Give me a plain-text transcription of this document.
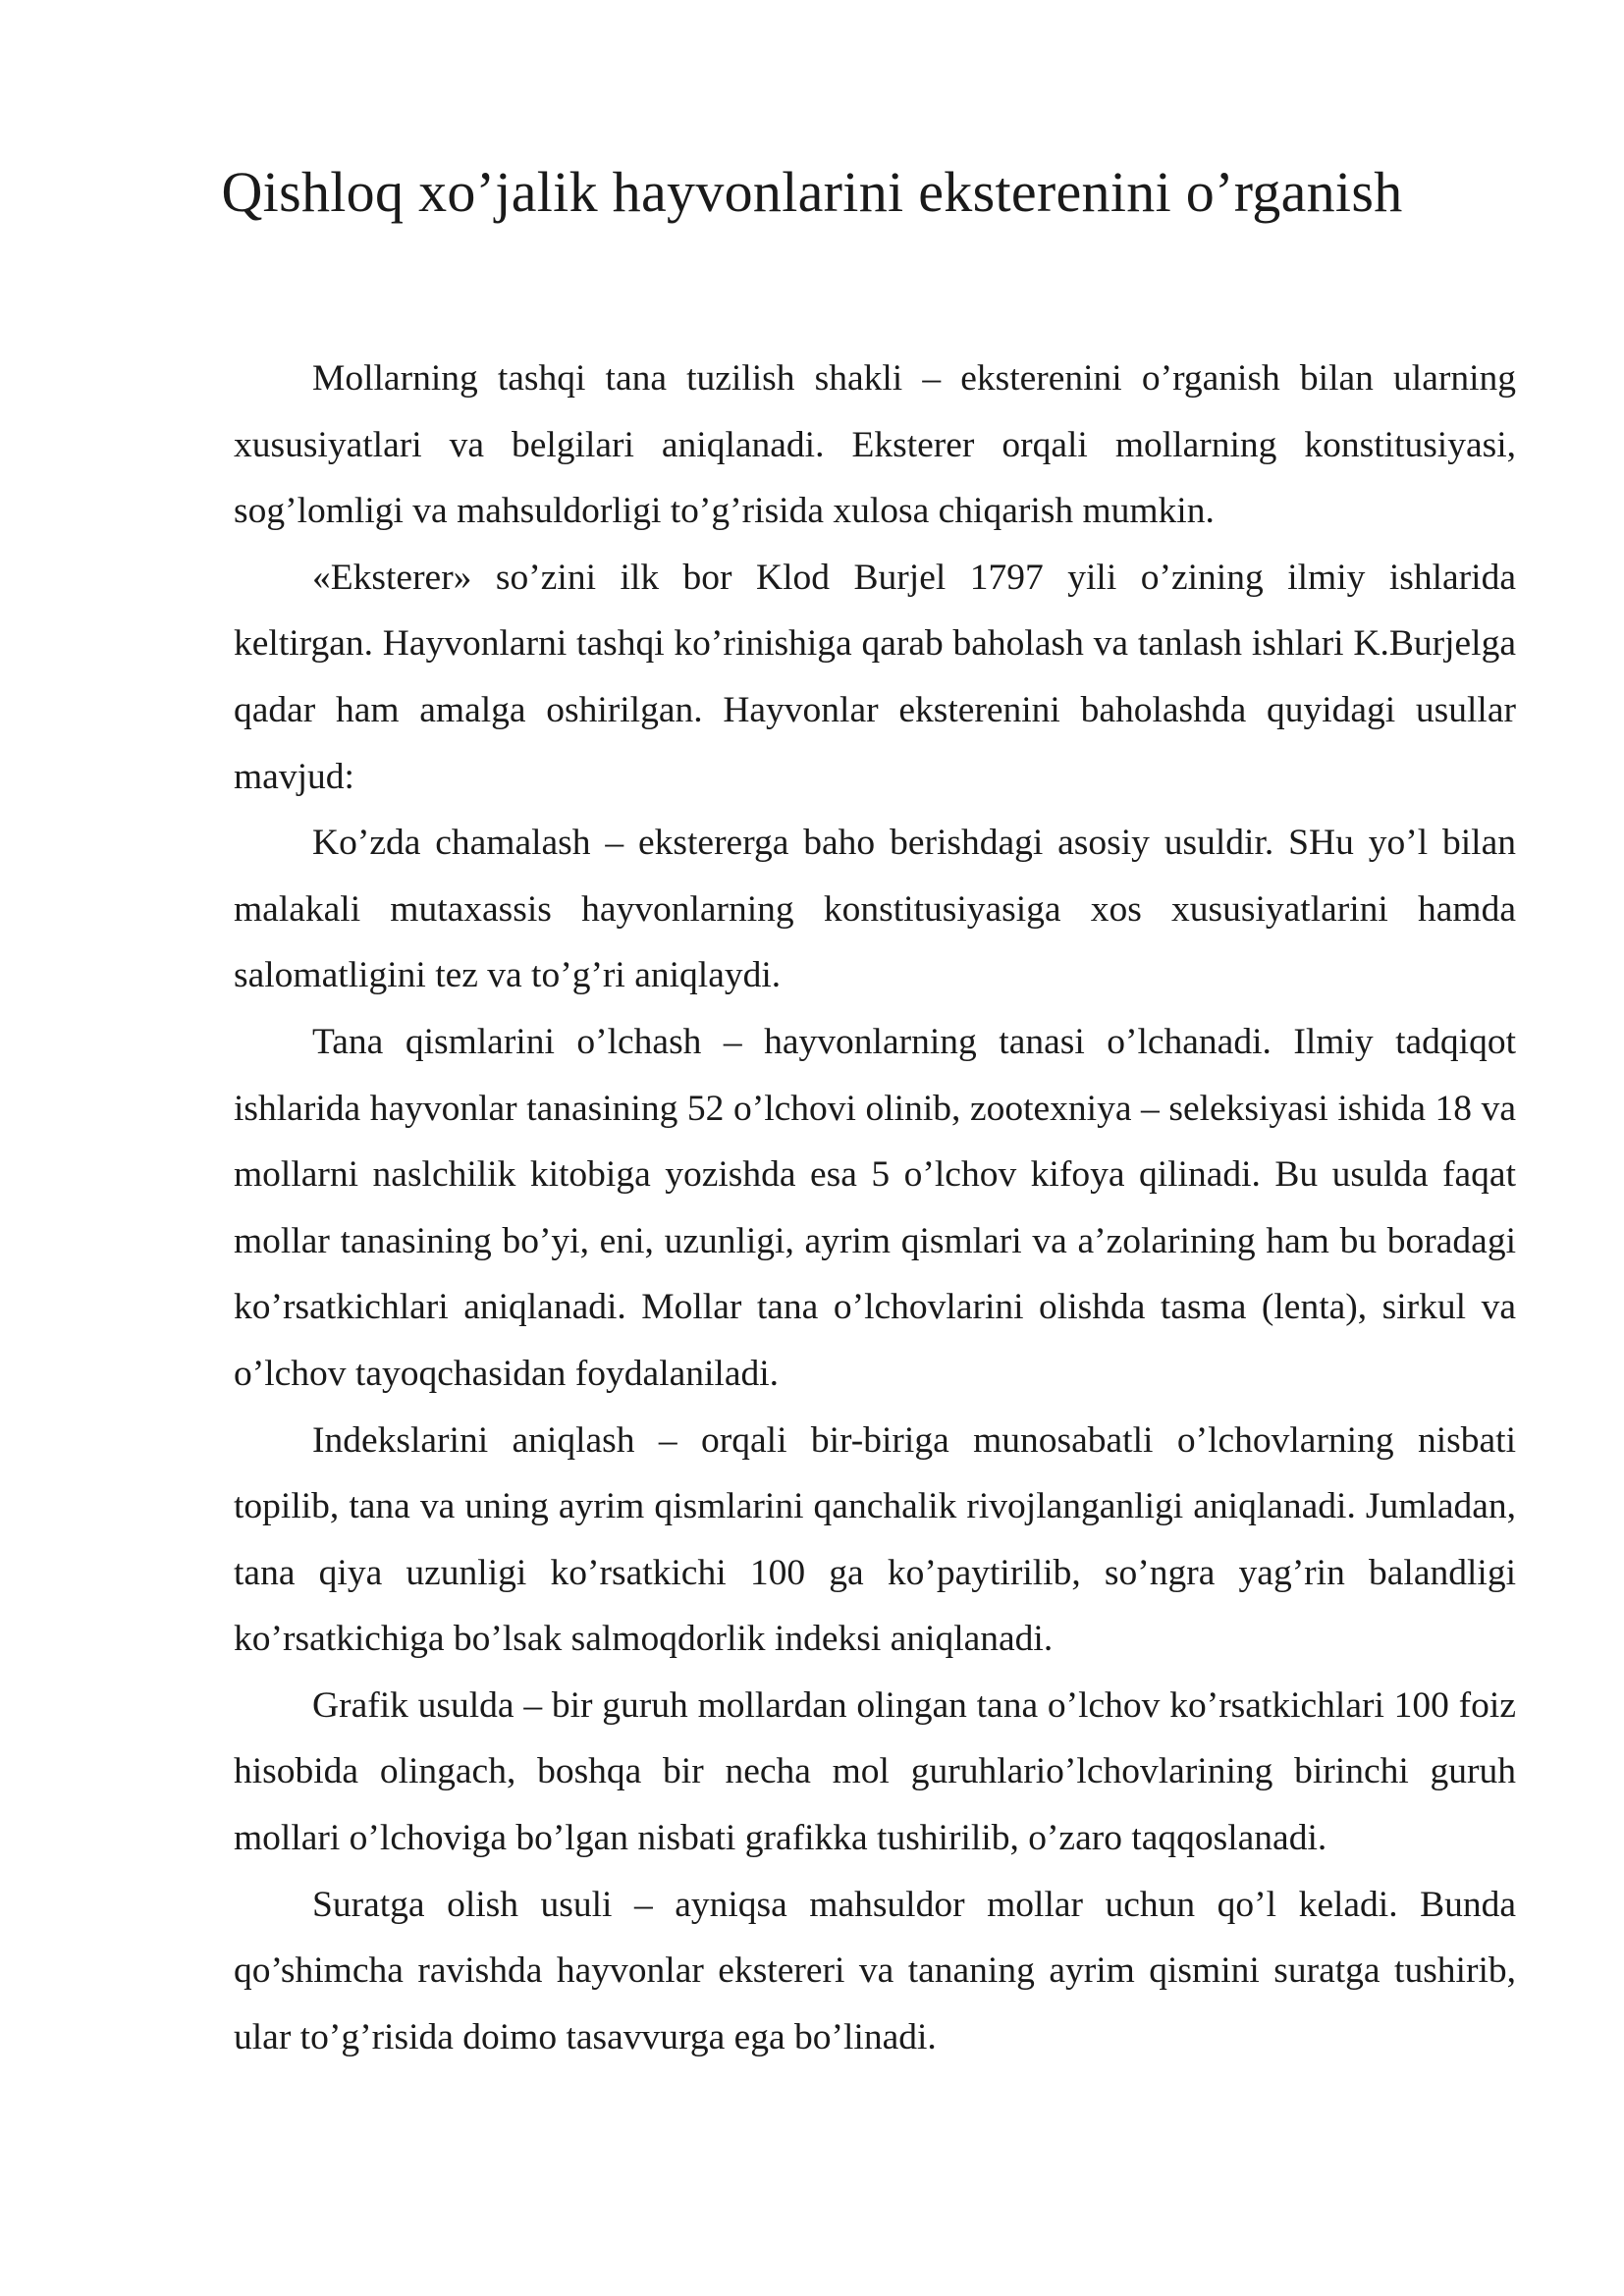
Qishloq xo’jalik hayvonlarini eksterenini o’rganish

Mollarning tashqi tana tuzilish shakli – eksterenini o’rganish bilan ularning xususiyatlari va belgilari aniqlanadi. Eksterer orqali mollarning konstitusiyasi, sog’lomligi va mahsuldorligi to’g’risida xulosa chiqarish mumkin.

«Eksterer» so’zini ilk bor Klod Burjel 1797 yili o’zining ilmiy ishlarida keltirgan. Hayvonlarni tashqi ko’rinishiga qarab baholash va tanlash ishlari K.Burjelga qadar ham amalga oshirilgan. Hayvonlar eksterenini baholashda quyidagi usullar mavjud:

Ko’zda chamalash – ekstererga baho berishdagi asosiy usuldir. SHu yo’l bilan malakali mutaxassis hayvonlarning konstitusiyasiga xos xususiyatlarini hamda salomatligini tez va to’g’ri aniqlaydi.

Tana qismlarini o’lchash – hayvonlarning tanasi o’lchanadi. Ilmiy tadqiqot ishlarida hayvonlar tanasining 52 o’lchovi olinib, zootexniya – seleksiyasi ishida 18 va mollarni naslchilik kitobiga yozishda esa 5 o’lchov kifoya qilinadi. Bu usulda faqat mollar tanasining bo’yi, eni, uzunligi, ayrim qismlari va a’zolarining ham bu boradagi ko’rsatkichlari aniqlanadi. Mollar tana o’lchovlarini olishda tasma (lenta), sirkul va o’lchov tayoqchasidan foydalaniladi.

Indekslarini aniqlash – orqali bir-biriga munosabatli o’lchovlarning nisbati topilib, tana va uning ayrim qismlarini qanchalik rivojlanganligi aniqlanadi. Jumladan, tana qiya uzunligi ko’rsatkichi 100 ga ko’paytirilib, so’ngra yag’rin balandligi ko’rsatkichiga bo’lsak salmoqdorlik indeksi aniqlanadi.

Grafik usulda – bir guruh mollardan olingan tana o’lchov ko’rsatkichlari 100 foiz hisobida olingach, boshqa bir necha mol guruhlario’lchovlarining birinchi guruh mollari o’lchoviga bo’lgan nisbati grafikka tushirilib, o’zaro taqqoslanadi.

Suratga olish usuli – ayniqsa mahsuldor mollar uchun qo’l keladi. Bunda qo’shimcha ravishda hayvonlar ekstereri va tananing ayrim qismini suratga tushirib, ular to’g’risida doimo tasavvurga ega bo’linadi.
